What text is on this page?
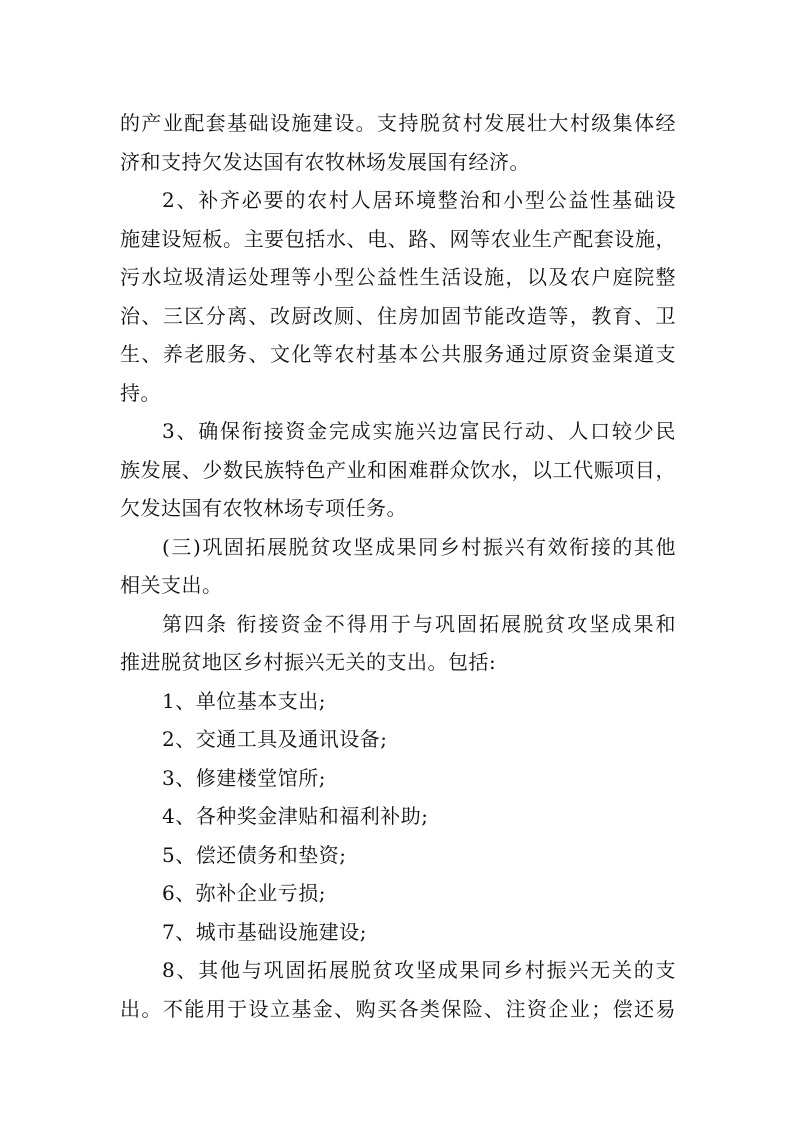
的产业配套基础设施建设。支持脱贫村发展壮大村级集体经
济和支持欠发达国有农牧林场发展国有经济。
2、补齐必要的农村人居环境整治和小型公益性基础设
施建设短板。主要包括水、电、路、网等农业生产配套设施，
污水垃圾清运处理等小型公益性生活设施，以及农户庭院整
治、三区分离、改厨改厕、住房加固节能改造等，教育、卫
生、养老服务、文化等农村基本公共服务通过原资金渠道支
持。
3、确保衔接资金完成实施兴边富民行动、人口较少民
族发展、少数民族特色产业和困难群众饮水，以工代赈项目，
欠发达国有农牧林场专项任务。
(三)巩固拓展脱贫攻坚成果同乡村振兴有效衔接的其他
相关支出。
第四条 衔接资金不得用于与巩固拓展脱贫攻坚成果和
推进脱贫地区乡村振兴无关的支出。包括:
1、单位基本支出;
2、交通工具及通讯设备;
3、修建楼堂馆所;
4、各种奖金津贴和福利补助;
5、偿还债务和垫资;
6、弥补企业亏损;
7、城市基础设施建设;
8、其他与巩固拓展脱贫攻坚成果同乡村振兴无关的支
出。不能用于设立基金、购买各类保险、注资企业；偿还易
